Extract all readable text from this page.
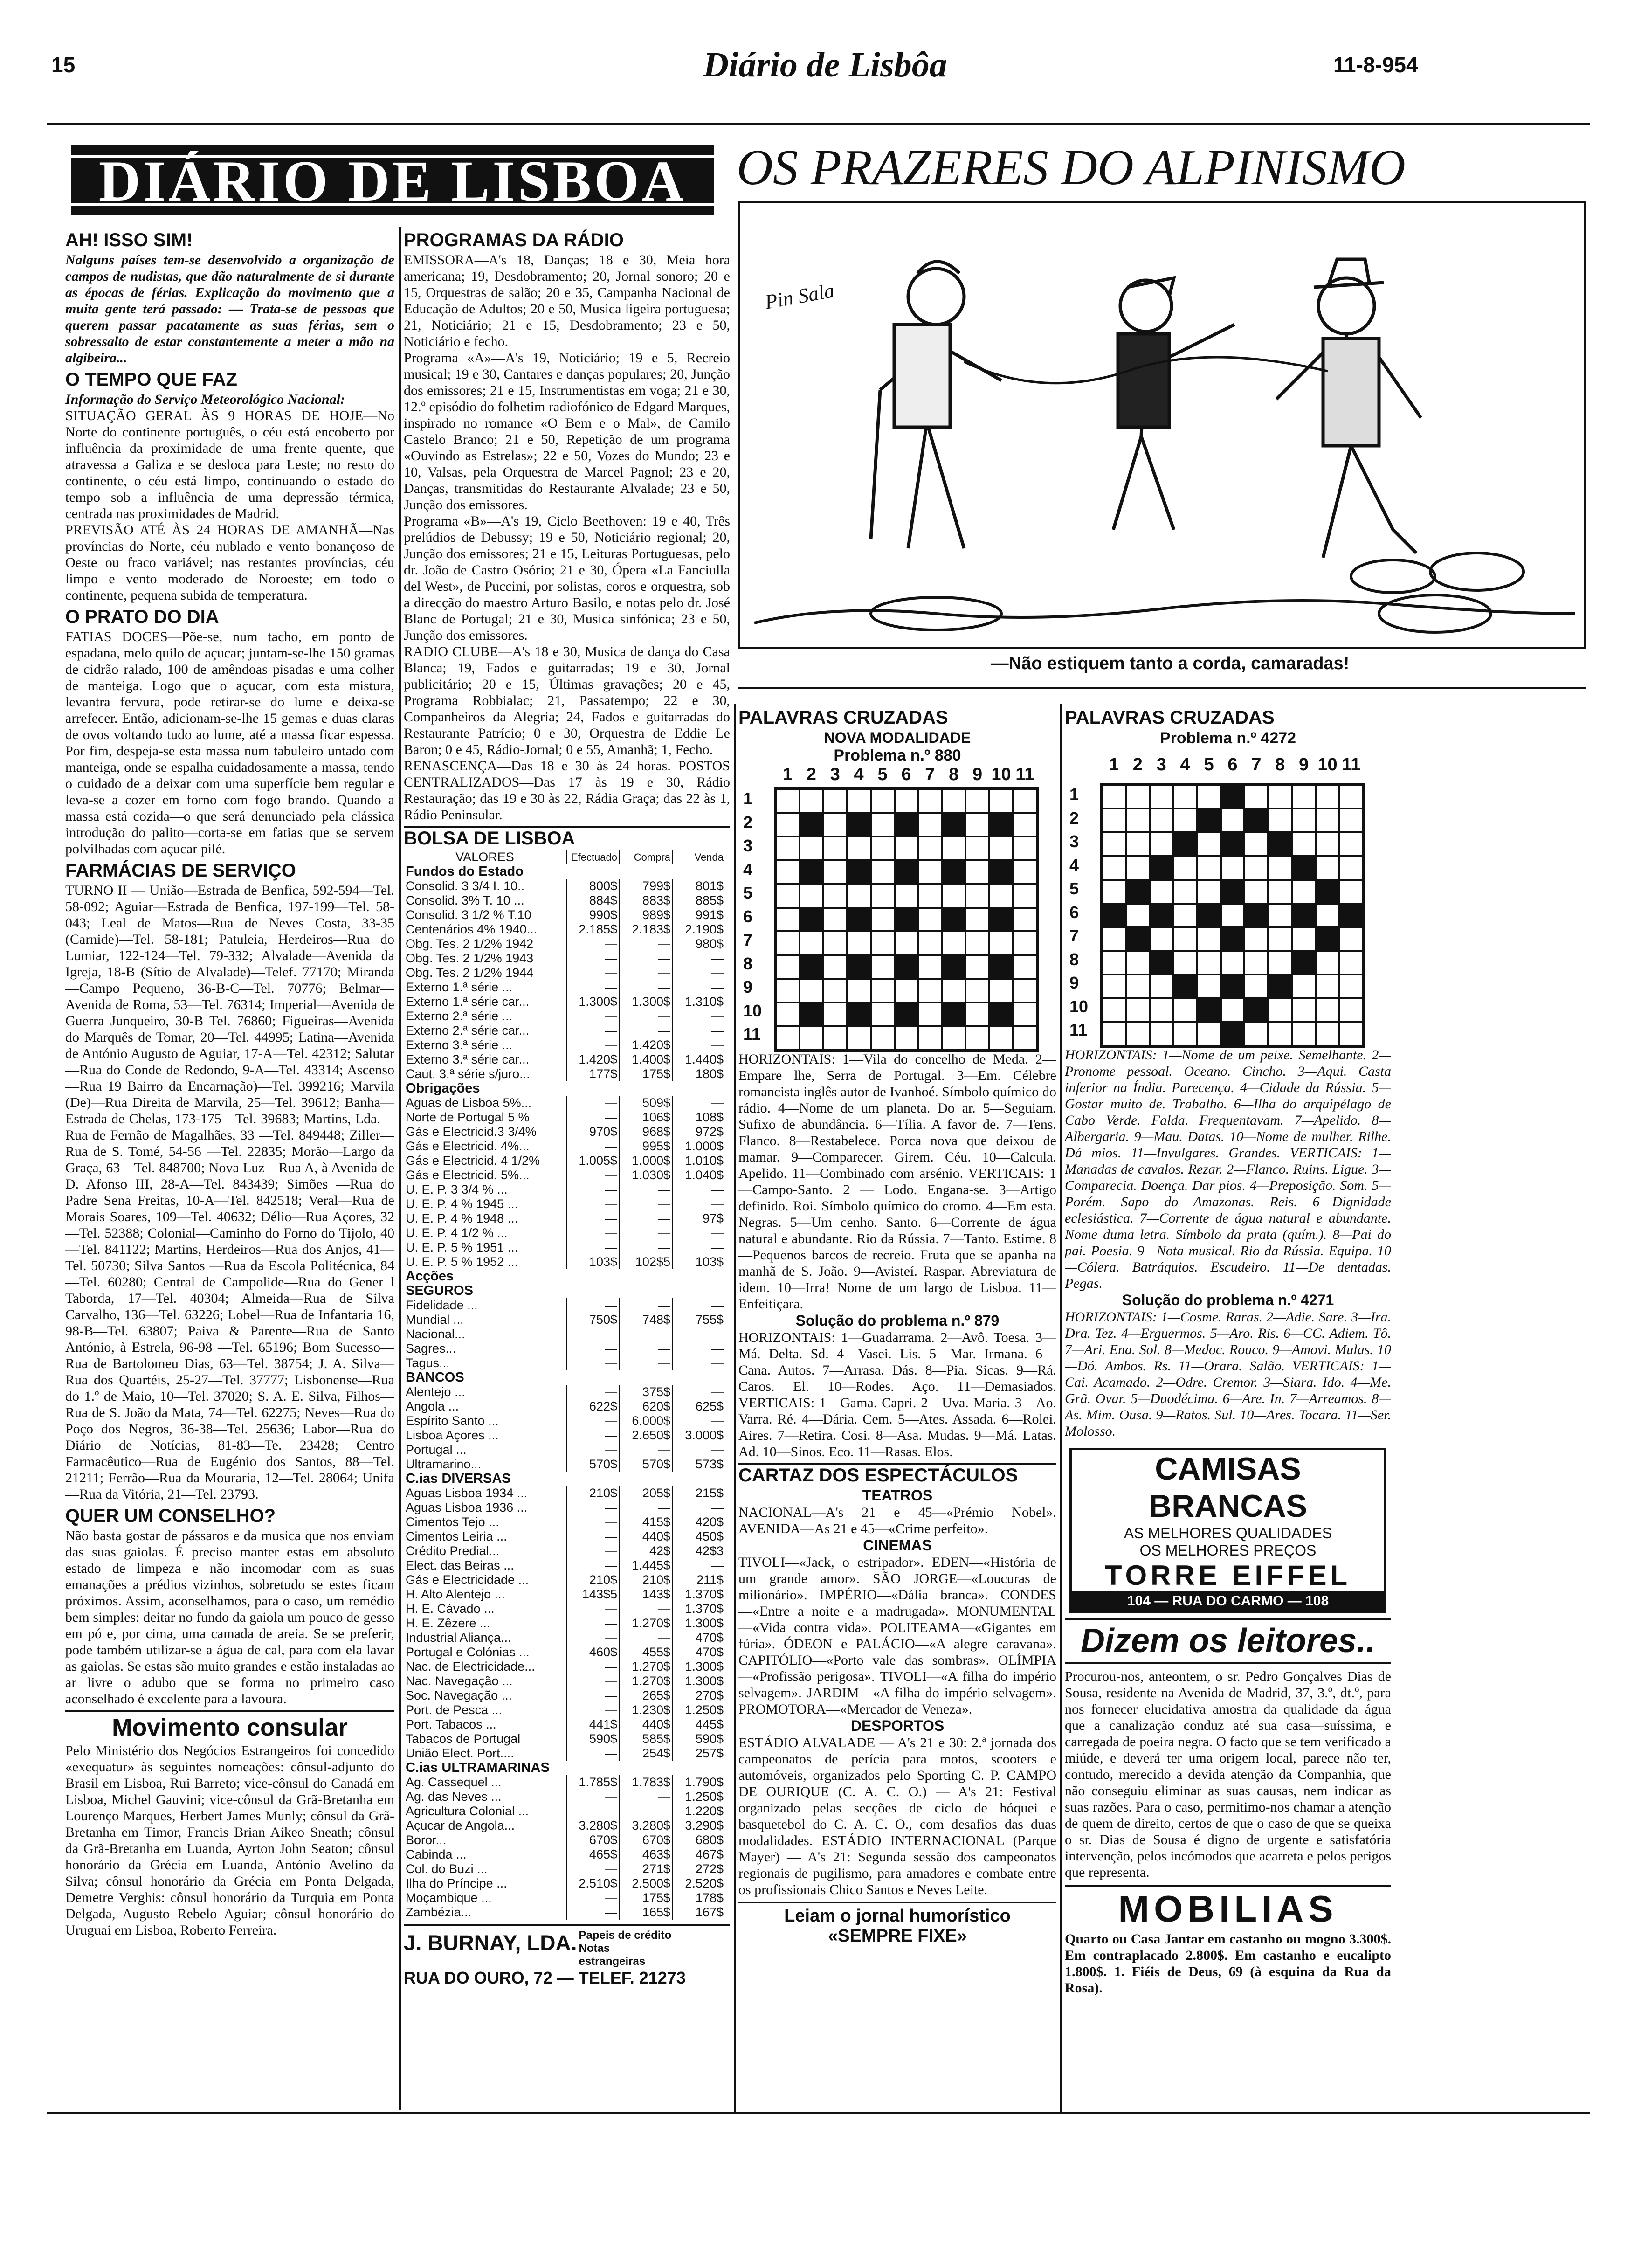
15	Diário de Lisbôa	11-8-954
DIÁRIO DE LISBOA OS PRAZERES DO ALPINISMO
Pin Sala
—Não estiquem tanto a corda, camaradas!
AH! ISSO SIM!
Nalguns países tem-se desenvolvido a organização de campos de nudistas, que dão naturalmente de si durante as épocas de férias. Explicação do movimento que a muita gente terá passado: — Trata-se de pessoas que querem passar pacatamente as suas férias, sem o sobressalto de estar constantemente a meter a mão na algibeira...
O TEMPO QUE FAZ
Informação do Serviço Meteorológico Nacional:
SITUAÇÃO GERAL ÀS 9 HORAS DE HOJE—No Norte do continente português, o céu está encoberto por influência da proximidade de uma frente quente, que atravessa a Galiza e se desloca para Leste; no resto do continente, o céu está limpo, continuando o estado do tempo sob a influência de uma depressão térmica, centrada nas proximidades de Madrid.
PREVISÃO ATÉ ÀS 24 HORAS DE AMANHÃ—Nas províncias do Norte, céu nublado e vento bonançoso de Oeste ou fraco variável; nas restantes províncias, céu limpo e vento moderado de Noroeste; em todo o continente, pequena subida de temperatura.
O PRATO DO DIA
FATIAS DOCES—Põe-se, num tacho, em ponto de espadana, melo quilo de açucar; juntam-se-lhe 150 gramas de cidrão ralado, 100 de amêndoas pisadas e uma colher de manteiga. Logo que o açucar, com esta mistura, levantra fervura, pode retirar-se do lume e deixa-se arrefecer. Então, adicionam-se-lhe 15 gemas e duas claras de ovos voltando tudo ao lume, até a massa ficar espessa. Por fim, despeja-se esta massa num tabuleiro untado com manteiga, onde se espalha cuidadosamente a massa, tendo o cuidado de a deixar com uma superfície bem regular e leva-se a cozer em forno com fogo brando. Quando a massa está cozida—o que será denunciado pela clássica introdução do palito—corta-se em fatias que se servem polvilhadas com açucar pilé.
FARMÁCIAS DE SERVIÇO
TURNO II — União—Estrada de Benfica, 592-594—Tel. 58-092; Aguiar—Estrada de Benfica, 197-199—Tel. 58-043; Leal de Matos—Rua de Neves Costa, 33-35 (Carnide)—Tel. 58-181; Patuleia, Herdeiros—Rua do Lumiar, 122-124—Tel. 79-332; Alvalade—Avenida da Igreja, 18-B (Sítio de Alvalade)—Telef. 77170; Miranda—Campo Pequeno, 36-B-C—Tel. 70776; Belmar—Avenida de Roma, 53—Tel. 76314; Imperial—Avenida de Guerra Junqueiro, 30-B Tel. 76860; Figueiras—Avenida do Marquês de Tomar, 20—Tel. 44995; Latina—Avenida de António Augusto de Aguiar, 17-A—Tel. 42312; Salutar—Rua do Conde de Redondo, 9-A—Tel. 43314; Ascenso—Rua 19 Bairro da Encarnação)—Tel. 399216; Marvila (De)—Rua Direita de Marvila, 25—Tel. 39612; Banha—Estrada de Chelas, 173-175—Tel. 39683; Martins, Lda.—Rua de Fernão de Magalhães, 33 —Tel. 849448; Ziller—Rua de S. Tomé, 54-56 —Tel. 22835; Morão—Largo da Graça, 63—Tel. 848700; Nova Luz—Rua A, à Avenida de D. Afonso III, 28-A—Tel. 843439; Simões —Rua do Padre Sena Freitas, 10-A—Tel. 842518; Veral—Rua de Morais Soares, 109—Tel. 40632; Délio—Rua Açores, 32—Tel. 52388; Colonial—Caminho do Forno do Tijolo, 40—Tel. 841122; Martins, Herdeiros—Rua dos Anjos, 41—Tel. 50730; Silva Santos —Rua da Escola Politécnica, 84—Tel. 60280; Central de Campolide—Rua do Gener l Taborda, 17—Tel. 40304; Almeida—Rua de Silva Carvalho, 136—Tel. 63226; Lobel—Rua de Infantaria 16, 98-B—Tel. 63807; Paiva & Parente—Rua de Santo António, à Estrela, 96-98 —Tel. 65196; Bom Sucesso—Rua de Bartolomeu Dias, 63—Tel. 38754; J. A. Silva—Rua dos Quartéis, 25-27—Tel. 37777; Lisbonense—Rua do 1.º de Maio, 10—Tel. 37020; S. A. E. Silva, Filhos—Rua de S. João da Mata, 74—Tel. 62275; Neves—Rua do Poço dos Negros, 36-38—Tel. 25636; Labor—Rua do Diário de Notícias, 81-83—Te. 23428; Centro Farmacêutico—Rua de Eugénio dos Santos, 88—Tel. 21211; Ferrão—Rua da Mouraria, 12—Tel. 28064; Unifa—Rua da Vitória, 21—Tel. 23793.
QUER UM CONSELHO?
Não basta gostar de pássaros e da musica que nos enviam das suas gaiolas. É preciso manter estas em absoluto estado de limpeza e não incomodar com as suas emanações a prédios vizinhos, sobretudo se estes ficam próximos. Assim, aconselhamos, para o caso, um remédio bem simples: deitar no fundo da gaiola um pouco de gesso em pó e, por cima, uma camada de areia. Se se preferir, pode também utilizar-se a água de cal, para com ela lavar as gaiolas. Se estas são muito grandes e estão instaladas ao ar livre o adubo que se forma no primeiro caso aconselhado é excelente para a lavoura.
Movimento consular
Pelo Ministério dos Negócios Estrangeiros foi concedido «exequatur» às seguintes nomeações: cônsul-adjunto do Brasil em Lisboa, Rui Barreto; vice-cônsul do Canadá em Lisboa, Michel Gauvini; vice-cônsul da Grã-Bretanha em Lourenço Marques, Herbert James Munly; cônsul da Grã-Bretanha em Timor, Francis Brian Aikeo Sneath; cônsul da Grã-Bretanha em Luanda, Ayrton John Seaton; cônsul honorário da Grécia em Luanda, António Avelino da Silva; cônsul honorário da Grécia em Ponta Delgada, Demetre Verghis: cônsul honorário da Turquia em Ponta Delgada, Augusto Rebelo Aguiar; cônsul honorário do Uruguai em Lisboa, Roberto Ferreira.
PROGRAMAS DA RÁDIO
EMISSORA—A's 18, Danças; 18 e 30, Meia hora americana; 19, Desdobramento; 20, Jornal sonoro; 20 e 15, Orquestras de salão; 20 e 35, Campanha Nacional de Educação de Adultos; 20 e 50, Musica ligeira portuguesa; 21, Noticiário; 21 e 15, Desdobramento; 23 e 50, Noticiário e fecho.
Programa «A»—A's 19, Noticiário; 19 e 5, Recreio musical; 19 e 30, Cantares e danças populares; 20, Junção dos emissores; 21 e 15, Instrumentistas em voga; 21 e 30, 12.º episódio do folhetim radiofónico de Edgard Marques, inspirado no romance «O Bem e o Mal», de Camilo Castelo Branco; 21 e 50, Repetição de um programa «Ouvindo as Estrelas»; 22 e 50, Vozes do Mundo; 23 e 10, Valsas, pela Orquestra de Marcel Pagnol; 23 e 20, Danças, transmitidas do Restaurante Alvalade; 23 e 50, Junção dos emissores.
Programa «B»—A's 19, Ciclo Beethoven: 19 e 40, Três prelúdios de Debussy; 19 e 50, Noticiário regional; 20, Junção dos emissores; 21 e 15, Leituras Portuguesas, pelo dr. João de Castro Osório; 21 e 30, Ópera «La Fanciulla del West», de Puccini, por solistas, coros e orquestra, sob a direcção do maestro Arturo Basilo, e notas pelo dr. José Blanc de Portugal; 21 e 30, Musica sinfónica; 23 e 50, Junção dos emissores.
RADIO CLUBE—A's 18 e 30, Musica de dança do Casa Blanca; 19, Fados e guitarradas; 19 e 30, Jornal publicitário; 20 e 15, Últimas gravações; 20 e 45, Programa Robbialac; 21, Passatempo; 22 e 30, Companheiros da Alegria; 24, Fados e guitarradas do Restaurante Patrício; 0 e 30, Orquestra de Eddie Le Baron; 0 e 45, Rádio-Jornal; 0 e 55, Amanhã; 1, Fecho.
RENASCENÇA—Das 18 e 30 às 24 horas. POSTOS CENTRALIZADOS—Das 17 às 19 e 30, Rádio Restauração; das 19 e 30 às 22, Rádia Graça; das 22 às 1, Rádio Peninsular.
BOLSA DE LISBOA
VALORES	Efectuado	Compra	Venda
Fundos do Estado			
Consolid. 3 3/4 I. 10..	800$	799$	801$
Consolid. 3% T. 10 ...	884$	883$	885$
Consolid. 3 1/2 % T.10	990$	989$	991$
Centenários 4% 1940...	2.185$	2.183$	2.190$
Obg. Tes. 2 1/2% 1942	—	—	980$
Obg. Tes. 2 1/2% 1943	—	—	—
Obg. Tes. 2 1/2% 1944	—	—	—
Externo 1.ª série ...	—	—	—
Externo 1.ª série car...	1.300$	1.300$	1.310$
Externo 2.ª série ...	—	—	—
Externo 2.ª série car...	—	—	—
Externo 3.ª série ...	—	1.420$	—
Externo 3.ª série car...	1.420$	1.400$	1.440$
Caut. 3.ª série s/juro...	177$	175$	180$
Obrigações			
Aguas de Lisboa 5%...	—	509$	—
Norte de Portugal 5 %	—	106$	108$
Gás e Electricid.3 3/4%	970$	968$	972$
Gás e Electricid. 4%...	—	995$	1.000$
Gás e Electricid. 4 1/2%	1.005$	1.000$	1.010$
Gás e Electricid. 5%...	—	1.030$	1.040$
U. E. P. 3 3/4 % ...	—	—	—
U. E. P. 4 % 1945 ...	—	—	—
U. E. P. 4 % 1948 ...	—	—	97$
U. E. P. 4 1/2 % ...	—	—	—
U. E. P. 5 % 1951 ...	—	—	—
U. E. P. 5 % 1952 ...	103$	102$5	103$
Acções			
SEGUROS			
Fidelidade ...	—	—	—
Mundial ...	750$	748$	755$
Nacional...	—	—	—
Sagres...	—	—	—
Tagus...	—	—	—
BANCOS			
Alentejo ...	—	375$	—
Angola ...	622$	620$	625$
Espírito Santo ...	—	6.000$	—
Lisboa Açores ...	—	2.650$	3.000$
Portugal ...	—	—	—
Ultramarino...	570$	570$	573$
C.ias DIVERSAS			
Aguas Lisboa 1934 ...	210$	205$	215$
Aguas Lisboa 1936 ...	—	—	—
Cimentos Tejo ...	—	415$	420$
Cimentos Leiria ...	—	440$	450$
Crédito Predial...	—	42$	42$3
Elect. das Beiras ...	—	1.445$	—
Gás e Electricidade ...	210$	210$	211$
H. Alto Alentejo ...	143$5	143$	1.370$
H. E. Cávado ...	—	—	1.370$
H. E. Zêzere ...	—	1.270$	1.300$
Industrial Aliança...	—	—	470$
Portugal e Colónias ...	460$	455$	470$
Nac. de Electricidade...	—	1.270$	1.300$
Nac. Navegação ...	—	1.270$	1.300$
Soc. Navegação ...	—	265$	270$
Port. de Pesca ...	—	1.230$	1.250$
Port. Tabacos ...	441$	440$	445$
Tabacos de Portugal	590$	585$	590$
União Elect. Port....	—	254$	257$
C.ias ULTRAMARINAS			
Ag. Cassequel ...	1.785$	1.783$	1.790$
Ag. das Neves ...	—	—	1.250$
Agricultura Colonial ...	—	—	1.220$
Açucar de Angola...	3.280$	3.280$	3.290$
Boror...	670$	670$	680$
Cabinda ...	465$	463$	467$
Col. do Buzi ...	—	271$	272$
Ilha do Príncipe ...	2.510$	2.500$	2.520$
Moçambique ...	—	175$	178$
Zambézia...	—	165$	167$
J. BURNAY, LDA. Papeis de crédito Notas estrangeiras
RUA DO OURO, 72 — TELEF. 21273
PALAVRAS CRUZADAS
NOVA MODALIDADE
Problema n.º 880
1 2 3 4 5 6 7 8 9 10 11
1
2
3
4
5
6
7
8
9
10
11
HORIZONTAIS: 1—Vila do concelho de Meda. 2—Empare lhe, Serra de Portugal. 3—Em. Célebre romancista inglês autor de Ivanhoé. Símbolo químico do rádio. 4—Nome de um planeta. Do ar. 5—Seguiam. Sufixo de abundância. 6—Tília. A favor de. 7—Tens. Flanco. 8—Restabelece. Porca nova que deixou de mamar. 9—Comparecer. Girem. Céu. 10—Calcula. Apelido. 11—Combinado com arsénio. VERTICAIS: 1—Campo-Santo. 2 — Lodo. Engana-se. 3—Artigo definido. Roi. Símbolo químico do cromo. 4—Em esta. Negras. 5—Um cenho. Santo. 6—Corrente de água natural e abundante. Rio da Rússia. 7—Tanto. Estime. 8—Pequenos barcos de recreio. Fruta que se apanha na manhã de S. João. 9—Avisteí. Raspar. Abreviatura de idem. 10—Irra! Nome de um largo de Lisboa. 11—Enfeitiçara.
Solução do problema n.º 879
HORIZONTAIS: 1—Guadarrama. 2—Avô. Toesa. 3—Má. Delta. Sd. 4—Vasei. Lis. 5—Mar. Irmana. 6—Cana. Autos. 7—Arrasa. Dás. 8—Pia. Sicas. 9—Rá. Caros. El. 10—Rodes. Aço. 11—Demasiados. VERTICAIS: 1—Gama. Capri. 2—Uva. Maria. 3—Ao. Varra. Ré. 4—Dária. Cem. 5—Ates. Assada. 6—Rolei. Aires. 7—Retira. Cosi. 8—Asa. Mudas. 9—Má. Latas. Ad. 10—Sinos. Eco. 11—Rasas. Elos.
CARTAZ DOS ESPECTÁCULOS
TEATROS
NACIONAL—A's 21 e 45—«Prémio Nobel». AVENIDA—As 21 e 45—«Crime perfeito».
CINEMAS
TIVOLI—«Jack, o estripador». EDEN—«História de um grande amor». SÃO JORGE—«Loucuras de milionário». IMPÉRIO—«Dália branca». CONDES—«Entre a noite e a madrugada». MONUMENTAL—«Vida contra vida». POLITEAMA—«Gigantes em fúria». ÓDEON e PALÁCIO—«A alegre caravana». CAPITÓLIO—«Porto vale das sombras». OLÍMPIA—«Profissão perigosa». TIVOLI—«A filha do império selvagem». JARDIM—«A filha do império selvagem». PROMOTORA—«Mercador de Veneza».
DESPORTOS
ESTÁDIO ALVALADE — A's 21 e 30: 2.ª jornada dos campeonatos de perícia para motos, scooters e automóveis, organizados pelo Sporting C. P. CAMPO DE OURIQUE (C. A. C. O.) — A's 21: Festival organizado pelas secções de ciclo de hóquei e basquetebol do C. A. C. O., com desafios das duas modalidades. ESTÁDIO INTERNACIONAL (Parque Mayer) — A's 21: Segunda sessão dos campeonatos regionais de pugilismo, para amadores e combate entre os profissionais Chico Santos e Neves Leite.
Leiam o jornal humorístico
«SEMPRE FIXE»
PALAVRAS CRUZADAS
Problema n.º 4272
1 2 3 4 5 6 7 8 9 10 11
1
2
3
4
5
6
7
8
9
10
11
HORIZONTAIS: 1—Nome de um peixe. Semelhante. 2—Pronome pessoal. Oceano. Cincho. 3—Aqui. Casta inferior na Índia. Parecença. 4—Cidade da Rússia. 5—Gostar muito de. Trabalho. 6—Ilha do arquipélago de Cabo Verde. Falda. Frequentavam. 7—Apelido. 8—Albergaria. 9—Mau. Datas. 10—Nome de mulher. Rilhe. Dá mios. 11—Invulgares. Grandes. VERTICAIS: 1—Manadas de cavalos. Rezar. 2—Flanco. Ruins. Ligue. 3—Comparecia. Doença. Dar pios. 4—Preposição. Som. 5—Porém. Sapo do Amazonas. Reis. 6—Dignidade eclesiástica. 7—Corrente de água natural e abundante. Nome duma letra. Símbolo da prata (quím.). 8—Pai do pai. Poesia. 9—Nota musical. Rio da Rússia. Equipa. 10—Cólera. Batráquios. Escudeiro. 11—De dentadas. Pegas.
Solução do problema n.º 4271
HORIZONTAIS: 1—Cosme. Raras. 2—Adie. Sare. 3—Ira. Dra. Tez. 4—Erguermos. 5—Aro. Ris. 6—CC. Adiem. Tô. 7—Ari. Ena. Sol. 8—Medoc. Rouco. 9—Amovi. Mulas. 10—Dó. Ambos. Rs. 11—Orara. Salão. VERTICAIS: 1—Cai. Acamado. 2—Odre. Cremor. 3—Siara. Ido. 4—Me. Grã. Ovar. 5—Duodécima. 6—Are. In. 7—Arreamos. 8—As. Mim. Ousa. 9—Ratos. Sul. 10—Ares. Tocara. 11—Ser. Molosso.
CAMISAS BRANCAS
AS MELHORES QUALIDADES
OS MELHORES PREÇOS
TORRE EIFFEL
104 — RUA DO CARMO — 108
Dizem os leitores..
Procurou-nos, anteontem, o sr. Pedro Gonçalves Dias de Sousa, residente na Avenida de Madrid, 37, 3.º, dt.º, para nos fornecer elucidativa amostra da qualidade da água que a canalização conduz até sua casa—suíssima, e carregada de poeira negra. O facto que se tem verificado a miúde, e deverá ter uma origem local, parece não ter, contudo, merecido a devida atenção da Companhia, que não conseguiu eliminar as suas causas, nem indicar as suas razões. Para o caso, permitimo-nos chamar a atenção de quem de direito, certos de que o caso de que se queixa o sr. Dias de Sousa é digno de urgente e satisfatória intervenção, pelos incómodos que acarreta e pelos perigos que representa.
MOBILIAS
Quarto ou Casa Jantar em castanho ou mogno 3.300$. Em contraplacado 2.800$. Em castanho e eucalipto 1.800$. 1. Fiéis de Deus, 69 (à esquina da Rua da Rosa).
